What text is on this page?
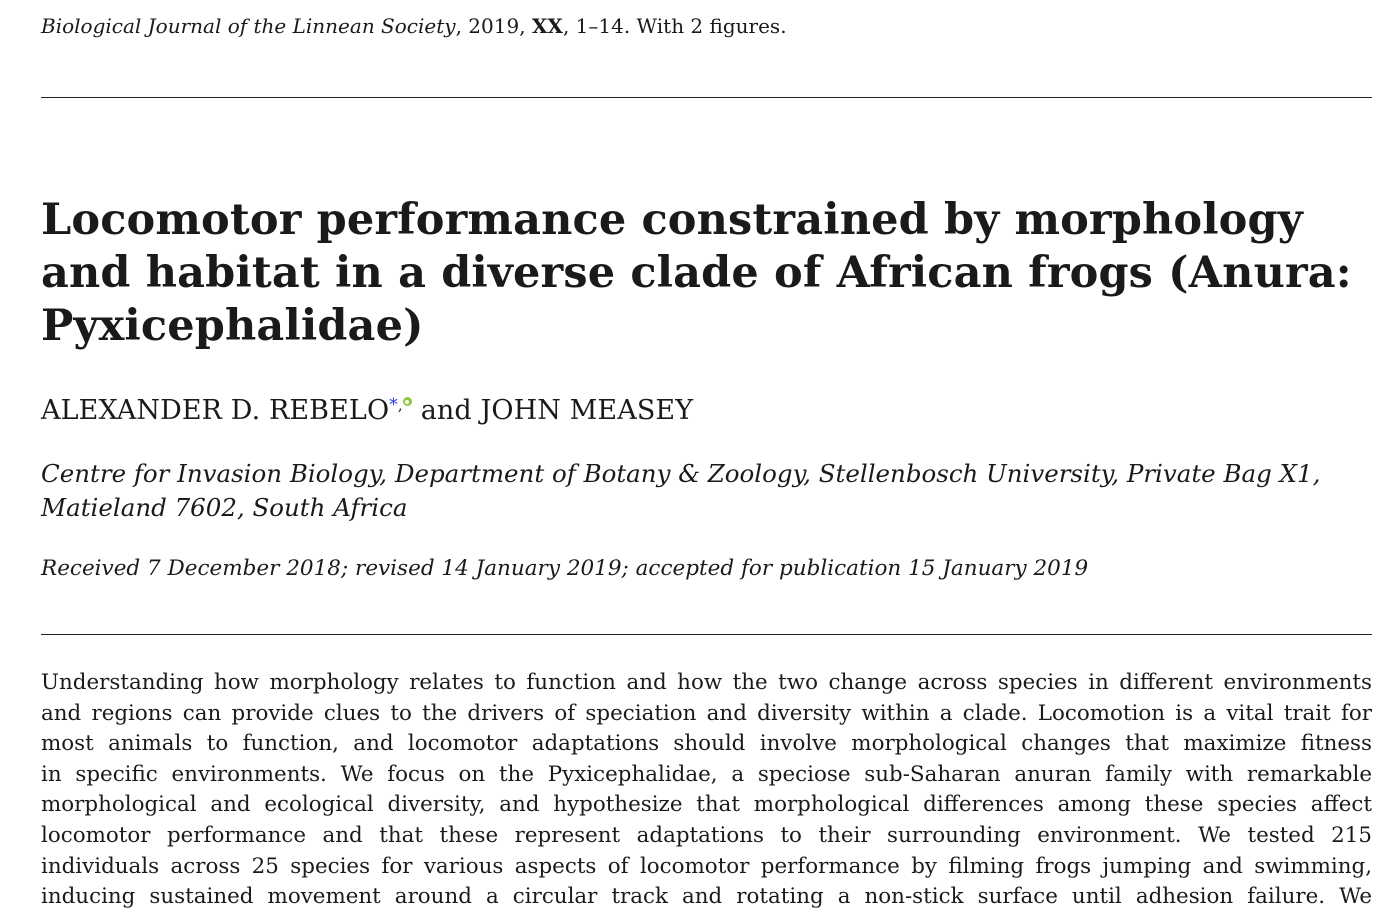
Biological Journal of the Linnean Society, 2019, XX, 1–14. With 2 figures.
Locomotor performance constrained by morphology
and habitat in a diverse clade of African frogs (Anura:
Pyxicephalidae)
ALEXANDER D. REBELO*, and JOHN MEASEY
Centre for Invasion Biology, Department of Botany & Zoology, Stellenbosch University, Private Bag X1,
Matieland 7602, South Africa
Received 7 December 2018; revised 14 January 2019; accepted for publication 15 January 2019
Understanding how morphology relates to function and how the two change across species in different environments
and regions can provide clues to the drivers of speciation and diversity within a clade. Locomotion is a vital trait for
most animals to function, and locomotor adaptations should involve morphological changes that maximize fitness
in specific environments. We focus on the Pyxicephalidae, a speciose sub-Saharan anuran family with remarkable
morphological and ecological diversity, and hypothesize that morphological differences among these species affect
locomotor performance and that these represent adaptations to their surrounding environment. We tested 215
individuals across 25 species for various aspects of locomotor performance by filming frogs jumping and swimming,
inducing sustained movement around a circular track and rotating a non-stick surface until adhesion failure. We
